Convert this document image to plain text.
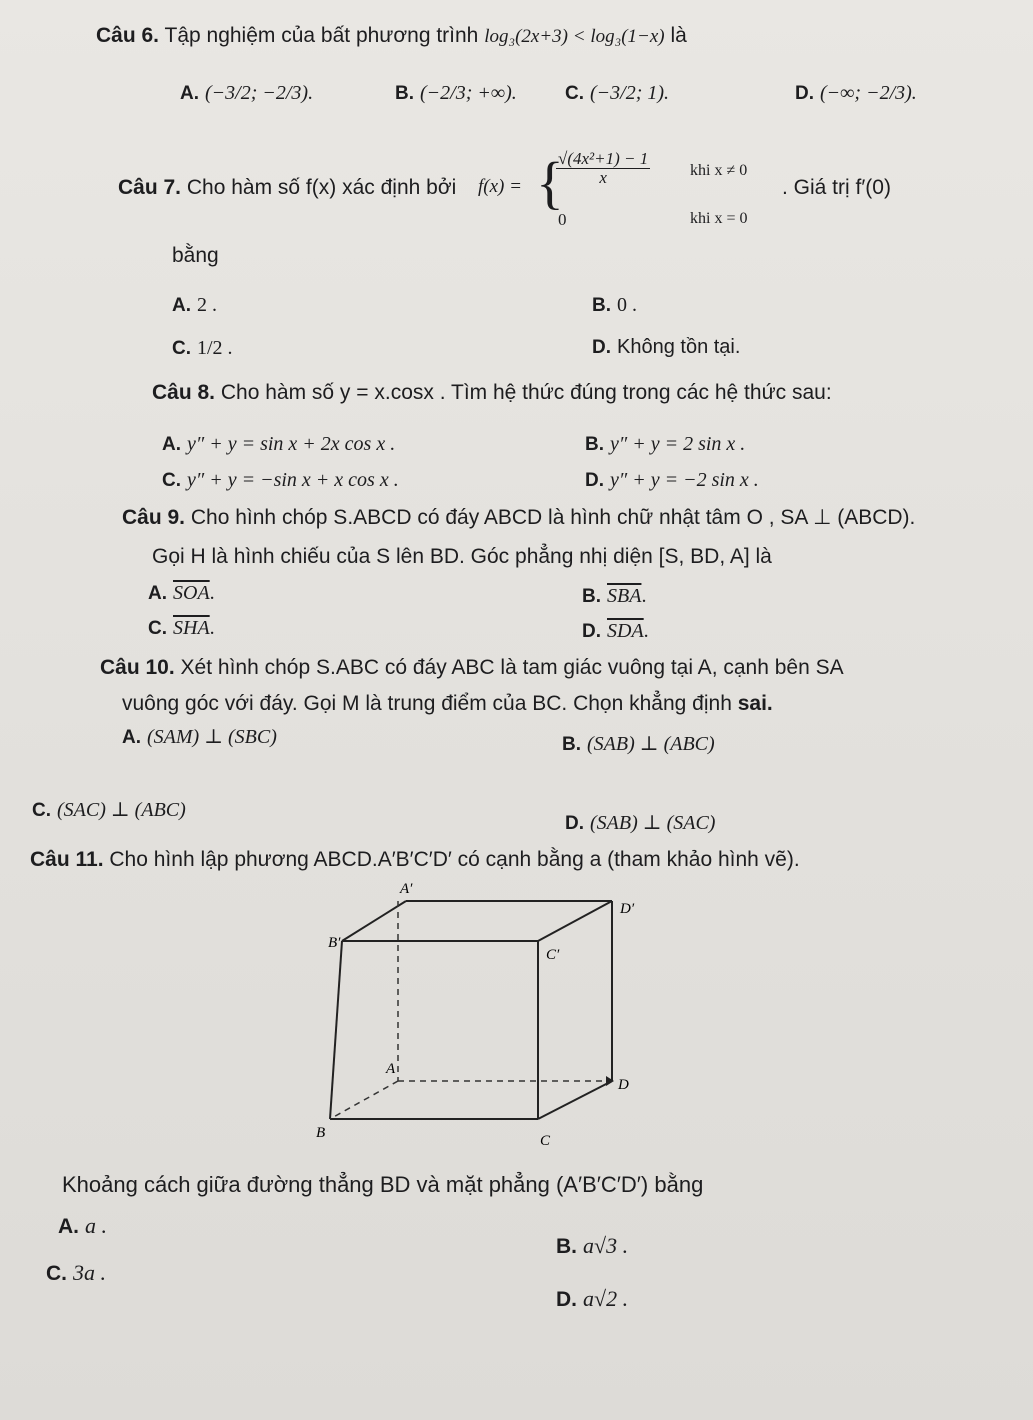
Câu 6. Tập nghiệm của bất phương trình log₃(2x+3) < log₃(1−x) là
A. (−3/2; −2/3).	B. (−2/3; +∞).	C. (−3/2; 1).	D. (−∞; −2/3).
Câu 7. Cho hàm số f(x) xác định bởi f(x) = {
$\frac{\text{√(4x²+1) − 1}}{x}$ khi x ≠ 0
0	khi x = 0
. Giá trị f′(0)
bằng
A. 2 .	B. 0 .
C. 1/2 .	D. Không tồn tại.
Câu 8. Cho hàm số y = x.cosx . Tìm hệ thức đúng trong các hệ thức sau:
A. y″ + y = sin x + 2x cos x .	B. y″ + y = 2 sin x .
C. y″ + y = −sin x + x cos x .	D. y″ + y = −2 sin x .
Câu 9. Cho hình chóp S.ABCD có đáy ABCD là hình chữ nhật tâm O , SA ⊥ (ABCD).
Gọi H là hình chiếu của S lên BD. Góc phẳng nhị diện [S, BD, A] là
A. $\overline{SOA}$.	B. $\overline{SBA}$.
C. $\overline{SHA}$.	D. $\overline{SDA}$.
Câu 10. Xét hình chóp S.ABC có đáy ABC là tam giác vuông tại A, cạnh bên SA
vuông góc với đáy. Gọi M là trung điểm của BC. Chọn khẳng định sai.
A. (SAM) ⊥ (SBC)	B. (SAB) ⊥ (ABC)
C. (SAC) ⊥ (ABC)
D. (SAB) ⊥ (SAC)
Câu 11. Cho hình lập phương ABCD.A′B′C′D′ có cạnh bằng a (tham khảo hình vẽ).
A′
D′
B′
C′
A
D
B	C
Khoảng cách giữa đường thẳng BD và mặt phẳng (A′B′C′D′) bằng
A. a .
B. a√3 .
C. 3a .
D. a√2 .
